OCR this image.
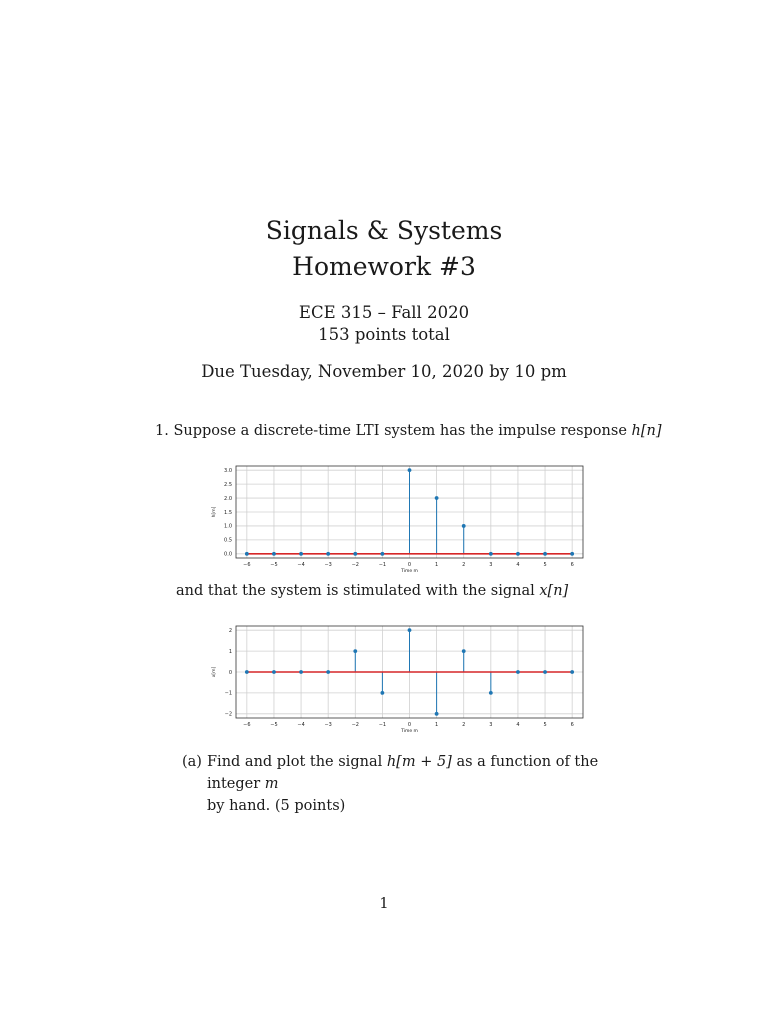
Signals & Systems
Homework #3
ECE 315 – Fall 2020
153 points total
Due Tuesday, November 10, 2020 by 10 pm
1. Suppose a discrete-time LTI system has the impulse response h[n]
−6	−5	−4	−3	−2	−1	0	1	2	3	4	5	6
0.0
0.5
1.0
1.5
2.0
2.5
3.0
Time m
h[m]
and that the system is stimulated with the signal x[n]
−6	−5	−4	−3	−2	−1	0	1	2	3	4	5	6
−2
−1
0
1
2
Time m
x[m]
(a) Find and plot the signal h[m + 5] as a function of the integer m
by hand. (5 points)
1
